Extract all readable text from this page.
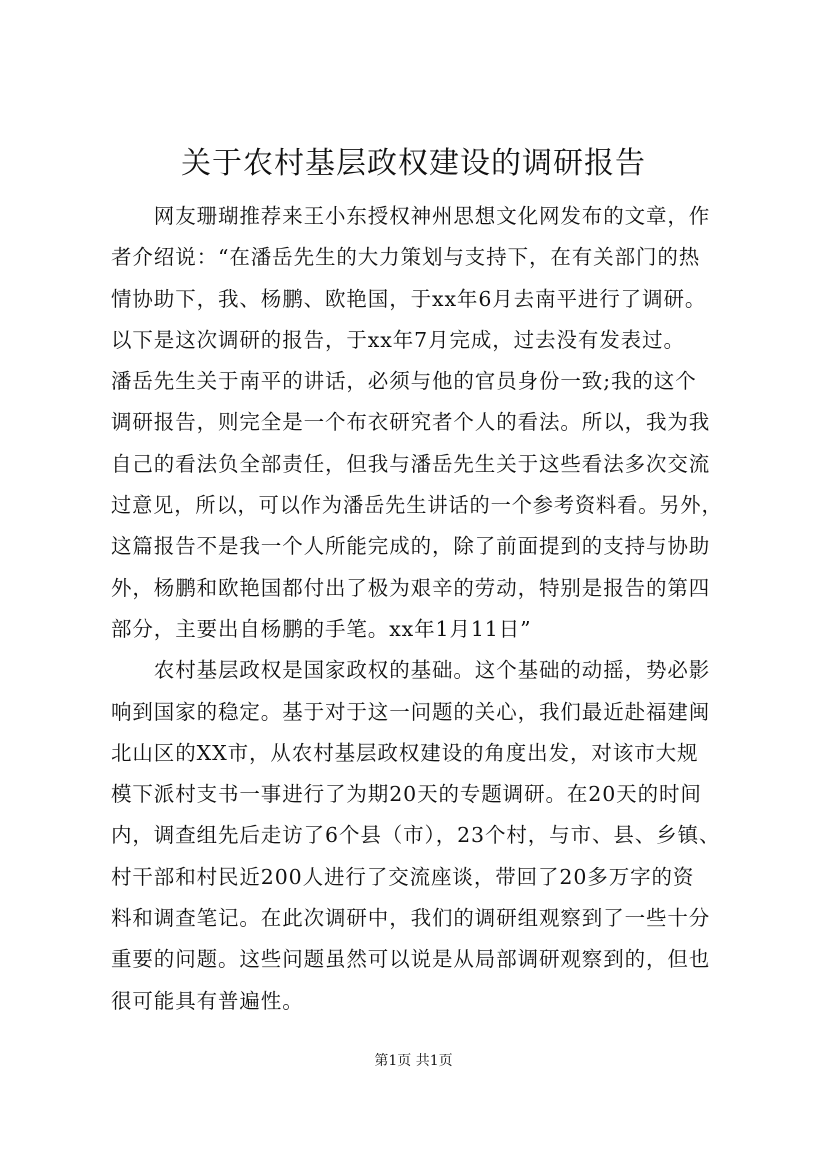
关于农村基层政权建设的调研报告

　　网友珊瑚推荐来王小东授权神州思想文化网发布的文章，作
者介绍说：“在潘岳先生的大力策划与支持下，在有关部门的热
情协助下，我、杨鹏、欧艳国，于xx年6月去南平进行了调研。
以下是这次调研的报告，于xx年7月完成，过去没有发表过。
潘岳先生关于南平的讲话，必须与他的官员身份一致;我的这个
调研报告，则完全是一个布衣研究者个人的看法。所以，我为我
自己的看法负全部责任，但我与潘岳先生关于这些看法多次交流
过意见，所以，可以作为潘岳先生讲话的一个参考资料看。另外，
这篇报告不是我一个人所能完成的，除了前面提到的支持与协助
外，杨鹏和欧艳国都付出了极为艰辛的劳动，特别是报告的第四
部分，主要出自杨鹏的手笔。xx年1月11日”

　　农村基层政权是国家政权的基础。这个基础的动摇，势必影
响到国家的稳定。基于对于这一问题的关心，我们最近赴福建闽
北山区的XX市，从农村基层政权建设的角度出发，对该市大规
模下派村支书一事进行了为期20天的专题调研。在20天的时间
内，调查组先后走访了6个县（市），23个村，与市、县、乡镇、
村干部和村民近200人进行了交流座谈，带回了20多万字的资
料和调查笔记。在此次调研中，我们的调研组观察到了一些十分
重要的问题。这些问题虽然可以说是从局部调研观察到的，但也
很可能具有普遍性。

第1页 共1页
